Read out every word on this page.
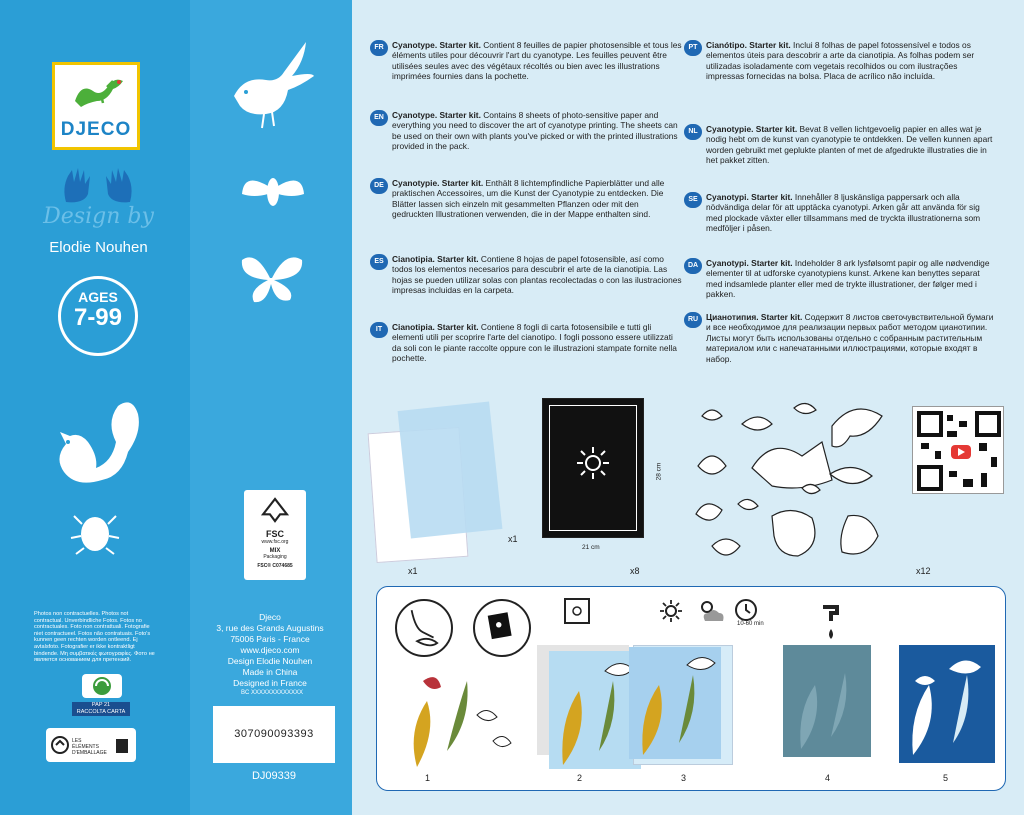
DJECO
Design by
Elodie Nouhen
AGES
7-99
FSC
www.fsc.org
MIX
Packaging
FSC® C074685
Photos non contractuelles. Photos not contractual. Unverbindliche Fotos. Fotos no contractuales. Foto non contrattuali. Fotografie niet contractueel. Fotos não contratuais. Foto's kunnen geen rechten worden ontleend. Ej avtalsfoto. Fotografier er ikke kontraktligt bindende. Mη συμβατικές φωτογραφίες. Фото не является основанием для претензий.
PAP 21
RACCOLTA CARTA
LES
ÉLÉMENTS
D'EMBALLAGE
Djeco
3, rue des Grands Augustins
75006 Paris - France
www.djeco.com
Design Elodie Nouhen
Made in China
Designed in France
BC XXXXXXXXXXXXX
307090093393
DJ09339
FR Cyanotype. Starter kit. Contient 8 feuilles de papier photosensible et tous les éléments utiles pour découvrir l'art du cyanotype. Les feuilles peuvent être utilisées seules avec des végétaux récoltés ou bien avec les illustrations imprimées fournies dans la pochette.
EN Cyanotype. Starter kit. Contains 8 sheets of photo-sensitive paper and everything you need to discover the art of cyanotype printing. The sheets can be used on their own with plants you've picked or with the printed illustrations provided in the pack.
DE Cyanotypie. Starter kit. Enthält 8 lichtempfindliche Papierblätter und alle praktischen Accessoires, um die Kunst der Cyanotypie zu entdecken. Die Blätter lassen sich einzeln mit gesammelten Pflanzen oder mit den gedruckten Illustrationen verwenden, die in der Mappe enthalten sind.
ES Cianotipia. Starter kit. Contiene 8 hojas de papel fotosensible, así como todos los elementos necesarios para descubrir el arte de la cianotipia. Las hojas se pueden utilizar solas con plantas recolectadas o con las ilustraciones impresas incluidas en la carpeta.
IT	Cianotipia. Starter kit. Contiene 8 fogli di carta fotosensibile e tutti gli elementi utili per scoprire l'arte del cianotipo. I fogli possono essere utilizzati da soli con le piante raccolte oppure con le illustrazioni stampate fornite nella pochette.
PT	Cianótipo. Starter kit. Inclui 8 folhas de papel fotossensível e todos os elementos úteis para descobrir a arte da cianotipia. As folhas podem ser utilizadas isoladamente com vegetais recolhidos ou com ilustrações impressas fornecidas na bolsa. Placa de acrílico não incluída.
NL Cyanotypie. Starter kit. Bevat 8 vellen lichtgevoelig papier en alles wat je nodig hebt om de kunst van cyanotypie te ontdekken. De vellen kunnen apart worden gebruikt met geplukte planten of met de afgedrukte illustraties die in het pakket zitten.
SE Cyanotypi. Starter kit. Innehåller 8 ljuskänsliga pappersark och alla nödvändiga delar för att upptäcka cyanotypi. Arken går att använda för sig med plockade växter eller tillsammans med de tryckta illustrationerna som medföljer i påsen.
DA Cyanotypi. Starter kit. Indeholder 8 ark lysfølsomt papir og alle nødvendige elementer til at udforske cyanotypiens kunst. Arkene kan benyttes separat med indsamlede planter eller med de trykte illustrationer, der følger med i pakken.
RU Цианотипия. Starter kit. Содержит 8 листов светочувствительной бумаги и все необходимое для реализации первых работ методом цианотипии. Листы могут быть использованы отдельно с собранным растительным материалом или с напечатанными иллюстрациями, которые входят в набор.
x1
x1
21 cm
28 cm
x8	x12
1	2
10-60 min
3	4	5
